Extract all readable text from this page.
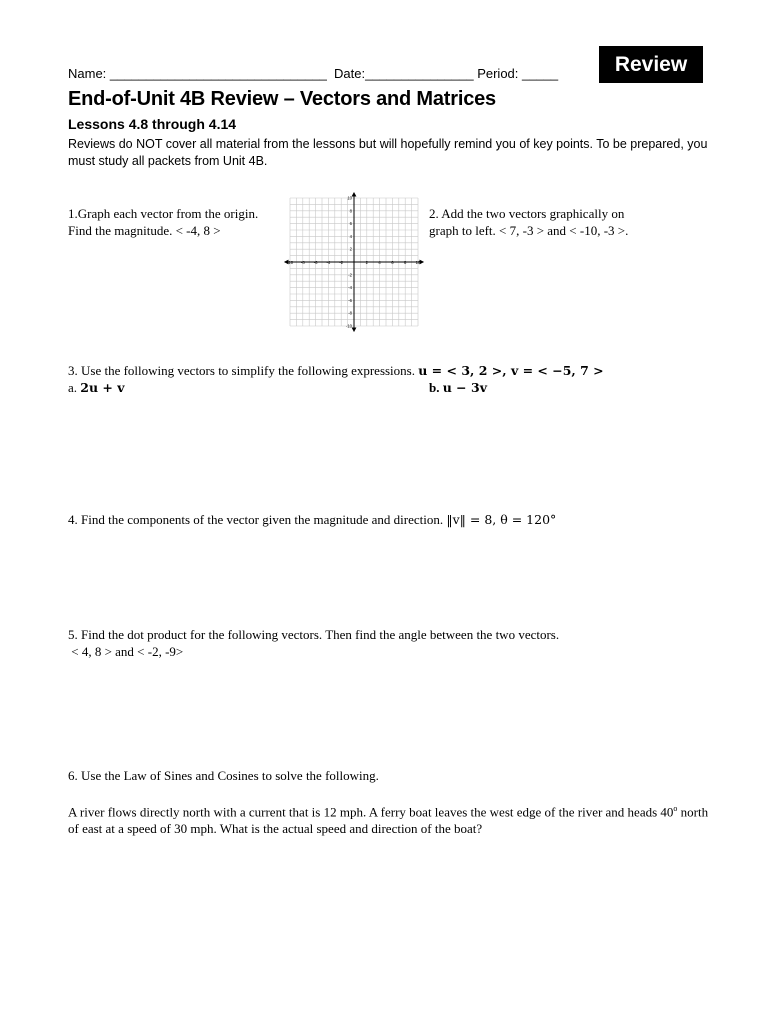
Name: ______________________________ Date:_______________ Period: _____	Review
End-of-Unit 4B Review – Vectors and Matrices
Lessons 4.8 through 4.14
Reviews do NOT cover all material from the lessons but will hopefully remind you of key points. To be prepared, you must study all packets from Unit 4B.
1.Graph each vector from the origin.
Find the magnitude. < -4, 8 >
-10 -8 -6 -4 -2	2 4 6 8 10
10
8
6
4
2
-2
-4
-6
-8
-10
2. Add the two vectors graphically on
graph to left. < 7, -3 > and < -10, -3 >.
3. Use the following vectors to simplify the following expressions. u = < 3, 2 >, v = < −5, 7 >
a. 2u + v	b. u − 3v
4. Find the components of the vector given the magnitude and direction. ‖v‖ = 8, θ = 120°
5. Find the dot product for the following vectors. Then find the angle between the two vectors.
< 4, 8 > and < -2, -9>
6. Use the Law of Sines and Cosines to solve the following.
A river flows directly north with a current that is 12 mph. A ferry boat leaves the west edge of the river and heads 40$^o$ north of east at a speed of 30 mph. What is the actual speed and direction of the boat?
